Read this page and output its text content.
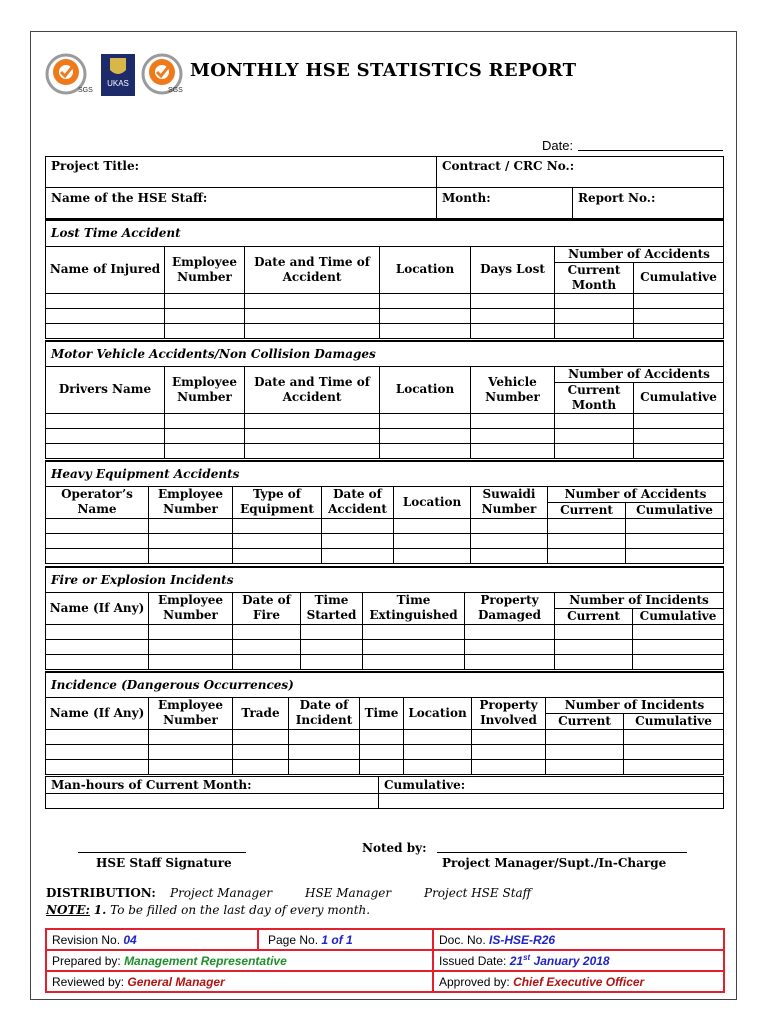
SGS
UKAS
SGS
MONTHLY HSE STATISTICS REPORT
Date:
Project Title:	Contract / CRC No.:	
Name of the HSE Staff:	Month:	Report No.:
Lost Time Accident						
Name of Injured	Employee Number	Date and Time of Accident	Location	Days Lost	Number of Accidents	
					Current Month	Cumulative

Motor Vehicle Accidents/Non Collision Damages						
Drivers Name	Employee Number	Date and Time of Accident	Location	Vehicle Number	Number of Accidents	
					Current Month	Cumulative

Heavy Equipment Accidents							
Operator’s Name	Employee Number	Type of Equipment	Date of Accident	Location	Suwaidi Number	Number of Accidents	
						Current	Cumulative

Fire or Explosion Incidents							
Name (If Any)	Employee Number	Date of Fire	Time Started	Time Extinguished	Property Damaged	Number of Incidents	
						Current	Cumulative

Incidence (Dangerous Occurrences)								
Name (If Any)	Employee Number	Trade	Date of Incident	Time	Location	Property Involved	Number of Incidents	
							Current	Cumulative

Man-hours of Current Month:	Cumulative:

HSE Staff Signature
Noted by:
Project Manager/Supt./In-Charge
DISTRIBUTION: Project Manager	HSE Manager	Project HSE Staff
NOTE: 1. To be filled on the last day of every month.
Revision No. 04	Page No. 1 of 1	Doc. No. IS-HSE-R26
Prepared by: Management Representative		Issued Date: 21st January 2018
Reviewed by: General Manager		Approved by: Chief Executive Officer
